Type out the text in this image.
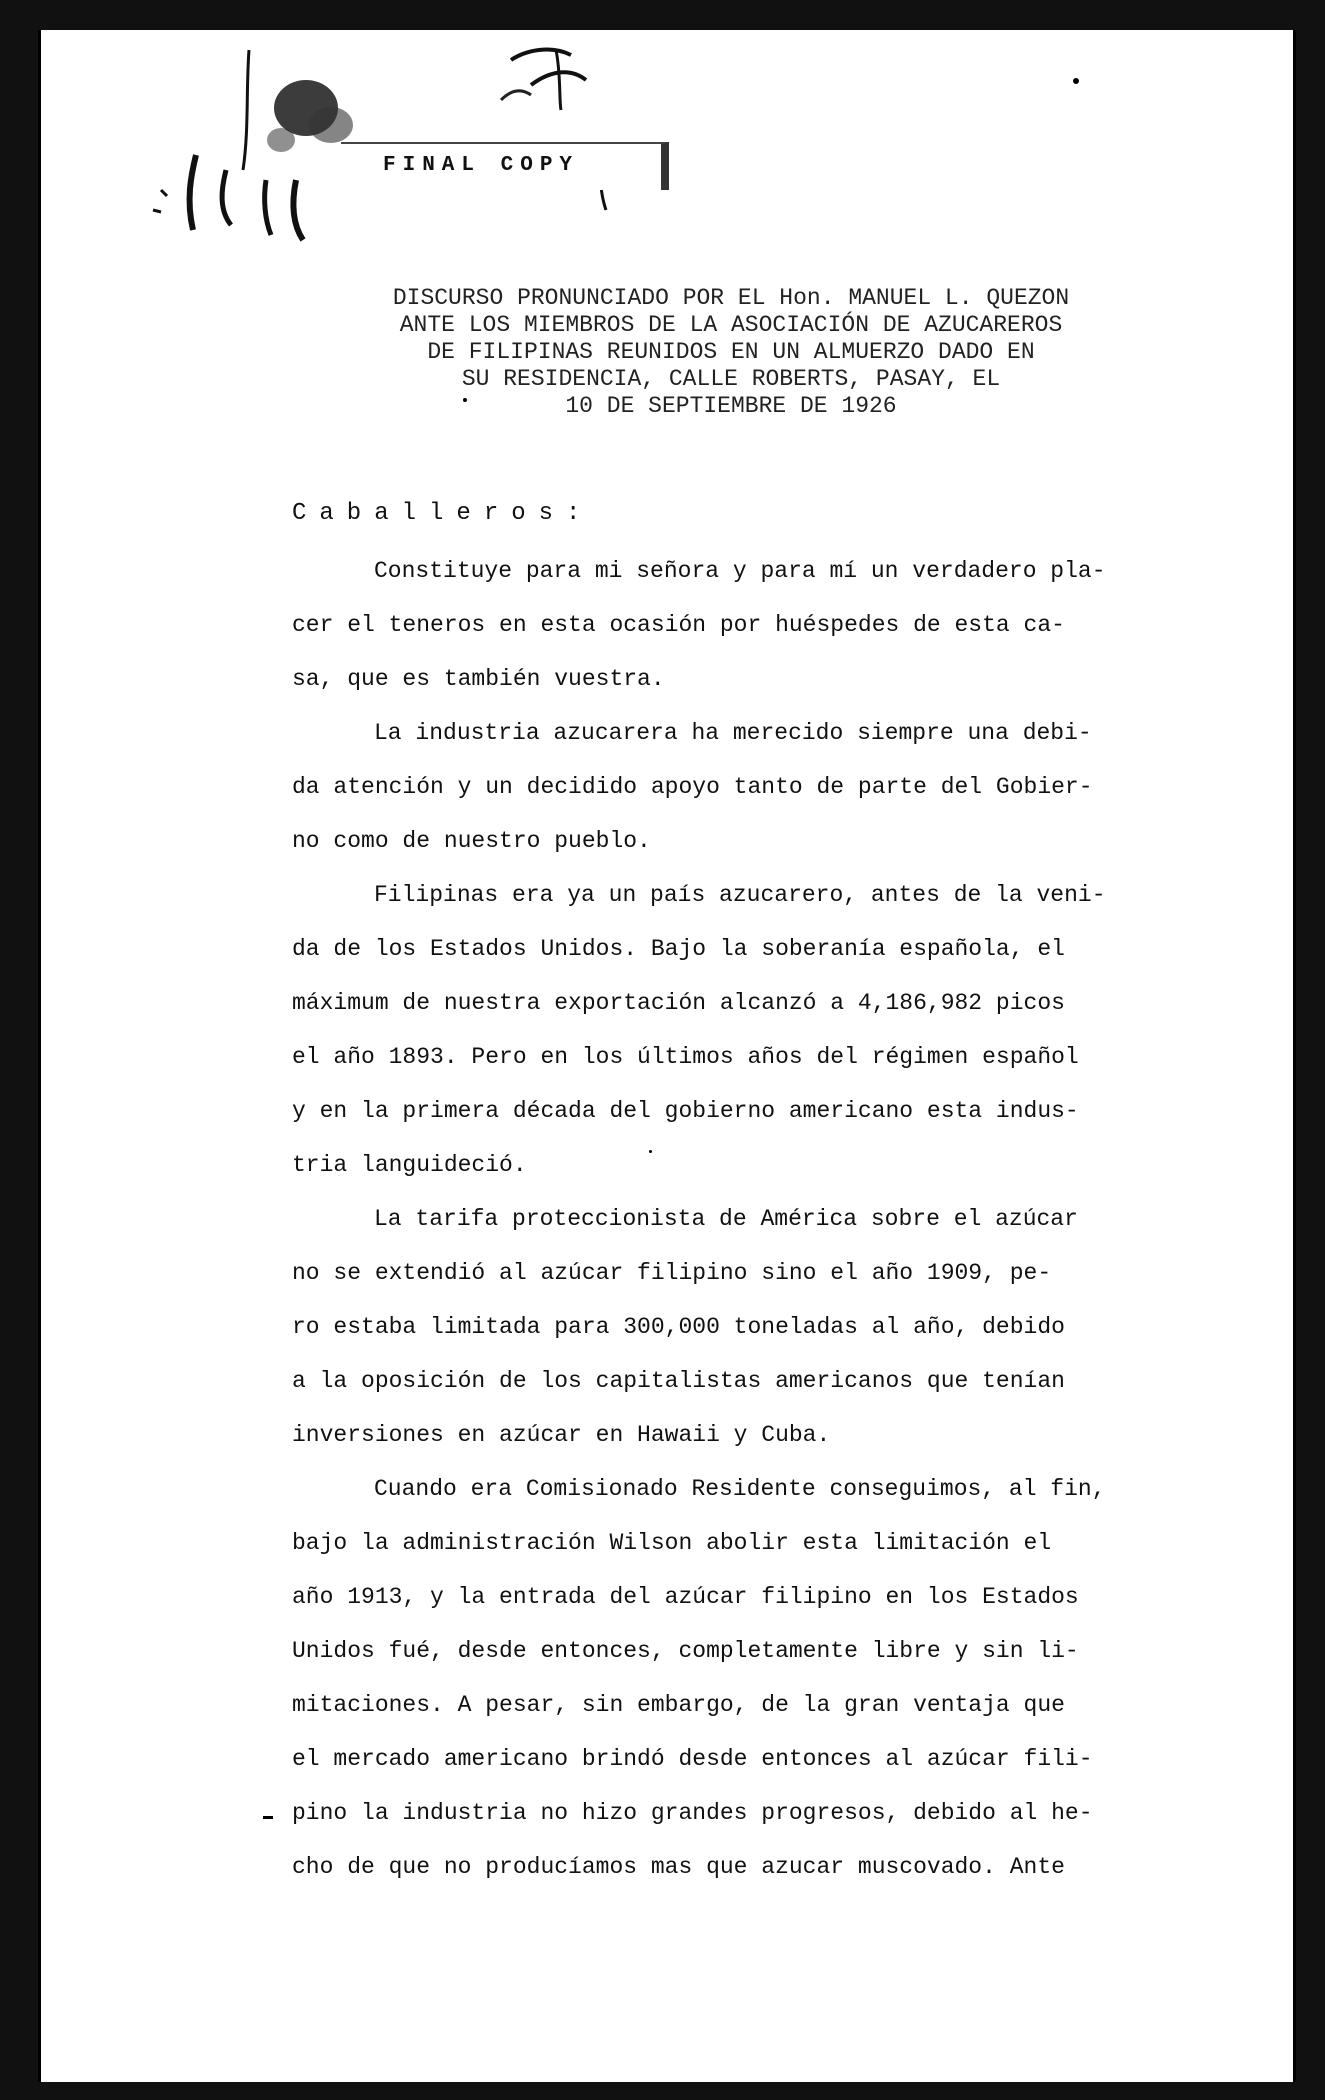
FINAL COPY
DISCURSO PRONUNCIADO POR EL Hon. MANUEL L. QUEZON
ANTE LOS MIEMBROS DE LA ASOCIACIÓN DE AZUCAREROS
DE FILIPINAS REUNIDOS EN UN ALMUERZO DADO EN
SU RESIDENCIA, CALLE ROBERTS, PASAY, EL
10 DE SEPTIEMBRE DE 1926
Caballeros:
Constituye para mi señora y para mí un verdadero pla-
cer el teneros en esta ocasión por huéspedes de esta ca-
sa, que es también vuestra.
La industria azucarera ha merecido siempre una debi-
da atención y un decidido apoyo tanto de parte del Gobier-
no como de nuestro pueblo.
Filipinas era ya un país azucarero, antes de la veni-
da de los Estados Unidos. Bajo la soberanía española, el
máximum de nuestra exportación alcanzó a 4,186,982 picos
el año 1893. Pero en los últimos años del régimen español
y en la primera década del gobierno americano esta indus-
tria languideció.
La tarifa proteccionista de América sobre el azúcar
no se extendió al azúcar filipino sino el año 1909, pe-
ro estaba limitada para 300,000 toneladas al año, debido
a la oposición de los capitalistas americanos que tenían
inversiones en azúcar en Hawaii y Cuba.
Cuando era Comisionado Residente conseguimos, al fin,
bajo la administración Wilson abolir esta limitación el
año 1913, y la entrada del azúcar filipino en los Estados
Unidos fué, desde entonces, completamente libre y sin li-
mitaciones. A pesar, sin embargo, de la gran ventaja que
el mercado americano brindó desde entonces al azúcar fili-
pino la industria no hizo grandes progresos, debido al he-
cho de que no producíamos mas que azucar muscovado. Ante
